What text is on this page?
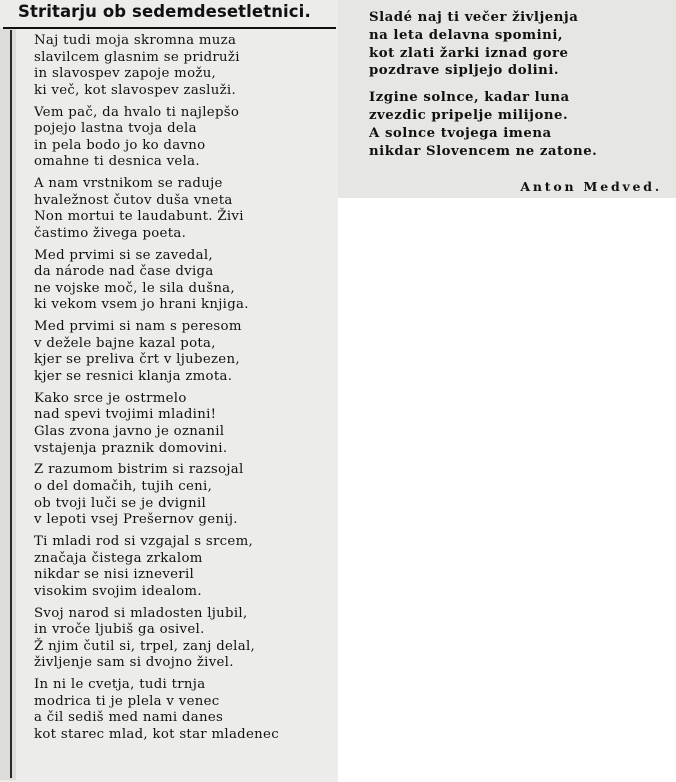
Stritarju ob sedemdesetletnici.
Naj tudi moja skromna muza
slavilcem glasnim se pridruži
in slavospev zapoje možu,
ki več, kot slavospev zasluži.
Vem pač, da hvalo ti najlepšo
pojejo lastna tvoja dela
in pela bodo jo ko davno
omahne ti desnica vela.
A nam vrstnikom se raduje
hvaležnost čutov duša vneta
Non mortui te laudabunt. Živi
častimo živega poeta.
Med prvimi si se zavedal,
da národe nad čase dviga
ne vojske moč, le sila dušna,
ki vekom vsem jo hrani knjiga.
Med prvimi si nam s peresom
v dežele bajne kazal pota,
kjer se preliva črt v ljubezen,
kjer se resnici klanja zmota.
Kako srce je ostrmelo
nad spevi tvojimi mladini!
Glas zvona javno je oznanil
vstajenja praznik domovini.
Z razumom bistrim si razsojal
o del domačih, tujih ceni,
ob tvoji luči se je dvignil
v lepoti vsej Prešernov genij.
Ti mladi rod si vzgajal s srcem,
značaja čistega zrkalom
nikdar se nisi izneveril
visokim svojim idealom.
Svoj narod si mladosten ljubil,
in vroče ljubiš ga osivel.
Ž njim čutil si, trpel, zanj delal,
življenje sam si dvojno živel.
In ni le cvetja, tudi trnja
modrica ti je plela v venec
a čil sediš med nami danes
kot starec mlad, kot star mladenec
Sladé naj ti večer življenja
na leta delavna spomini,
kot zlati žarki iznad gore
pozdrave sipljejo dolini.
Izgine solnce, kadar luna
zvezdic pripelje milijone.
A solnce tvojega imena
nikdar Slovencem ne zatone.
Anton Medved.
